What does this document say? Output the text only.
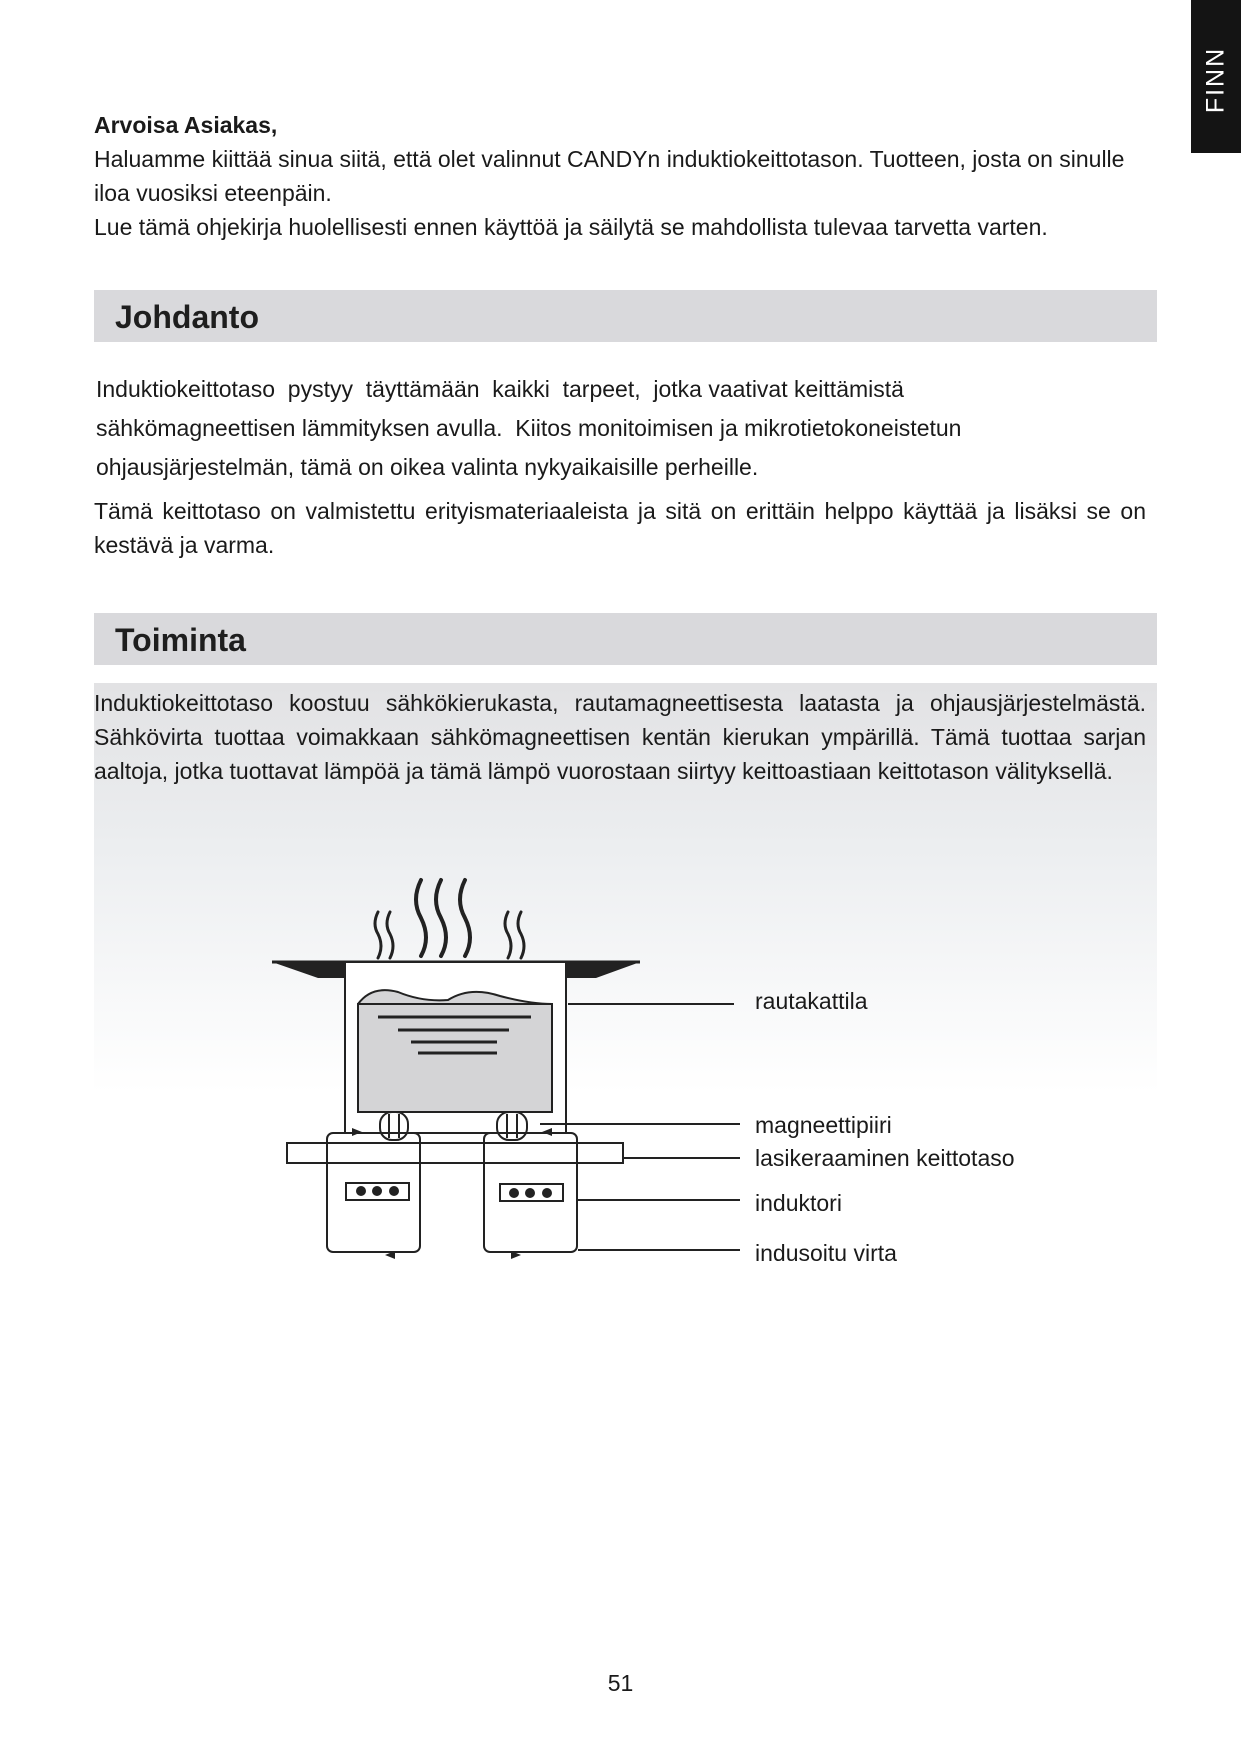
FINN

Arvoisa Asiakas,

Haluamme kiittää sinua siitä, että olet valinnut CANDYn induktiokeittotason. Tuotteen, josta on sinulle iloa vuosiksi eteenpäin.

Lue tämä ohjekirja huolellisesti ennen käyttöä ja säilytä se mahdollista tulevaa tarvetta varten.

Johdanto

Induktiokeittotaso  pystyy  täyttämään  kaikki  tarpeet,  jotka vaativat keittämistä

sähkömagneettisen lämmityksen avulla.  Kiitos monitoimisen ja mikrotietokoneistetun

ohjausjärjestelmän, tämä on oikea valinta nykyaikaisille perheille.

Tämä keittotaso on valmistettu erityismateriaaleista ja sitä on erittäin helppo käyttää ja lisäksi se on kestävä ja varma.

Toiminta

Induktiokeittotaso koostuu sähkökierukasta, rautamagneettisesta laatasta ja ohjausjärjestelmästä. Sähkövirta tuottaa voimakkaan sähkömagneettisen kentän kierukan ympärillä. Tämä tuottaa sarjan aaltoja, jotka tuottavat lämpöä ja tämä lämpö vuorostaan siirtyy keittoastiaan keittotason välityksellä.

rautakattila
magneettipiiri
lasikeraaminen keittotaso
induktori
indusoitu virta
51
